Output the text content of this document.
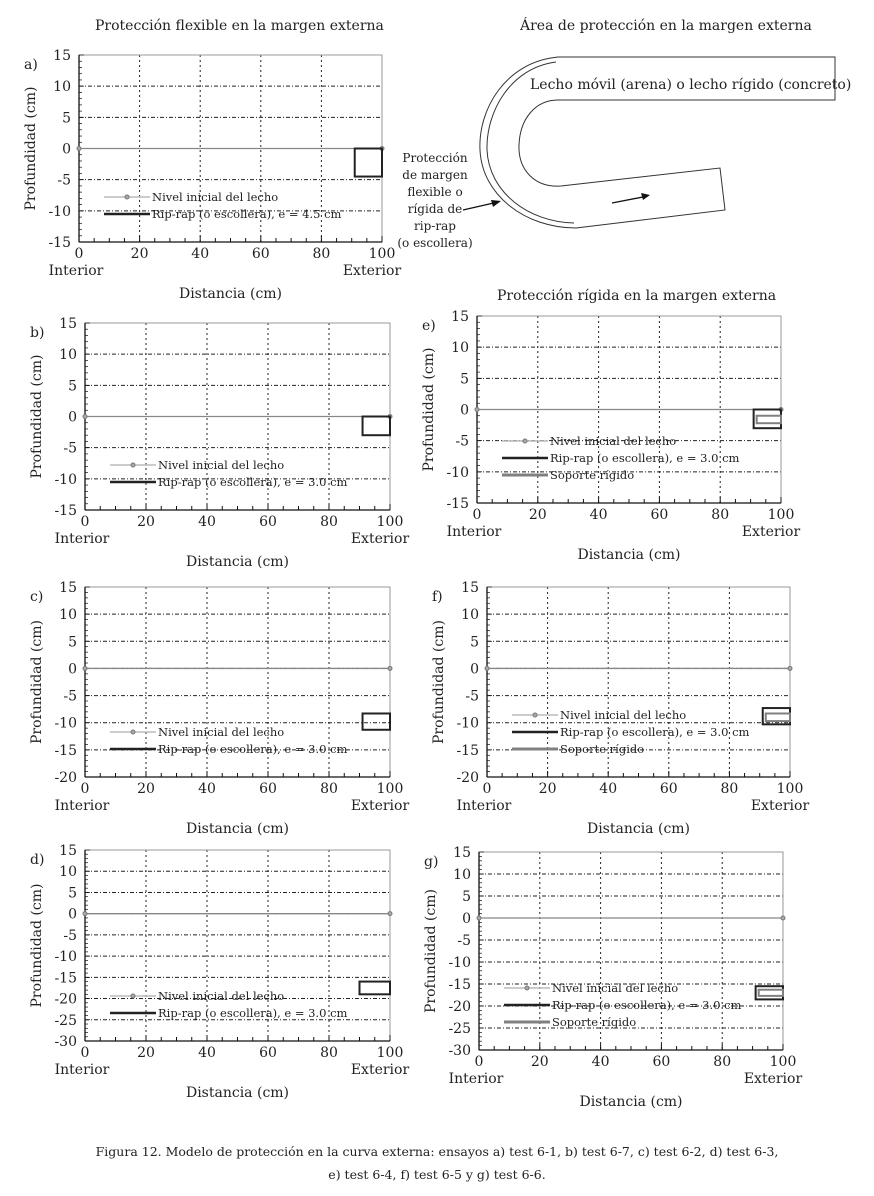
Protección flexible en la margen externa	Área de protección en la margen externa
Protección rígida en la margen externa
Lecho móvil (arena) o lecho rígido (concreto)
Protección
de margen
flexible o
rígida de
rip-rap
(o escollera)
0	20	40	60	80	100
15
10
5
0
-5
-10
-15
Interior	Exterior
Distancia (cm)
Profundidad (cm)
a)
Nivel inicial del lecho
Rip-rap (o escollera), e = 4.5 cm
0	20	40	60	80	100
15
10
5
0
-5
-10
-15
Interior	Exterior
Distancia (cm)
Profundidad (cm)
b)
Nivel inicial del lecho
Rip-rap (o escollera), e = 3.0 cm
0	20	40	60	80	100
15
10
5
0
-5
-10
-15
Interior	Exterior
Distancia (cm)
Profundidad (cm)
e)
Nivel inicial del lecho
Rip-rap (o escollera), e = 3.0 cm
Soporte rígido
0	20	40	60	80	100
15
10
5
0
-5
-10
-15
-20
Interior	Exterior
Distancia (cm)
Profundidad (cm)
c)
Nivel inicial del lecho
Rip-rap (o escollera), e = 3.0 cm
0	20	40	60	80	100
15
10
5
0
-5
-10
-15
-20
Interior	Exterior
Distancia (cm)
Profundidad (cm)
f)
Nivel inicial del lecho
Rip-rap (o escollera), e = 3.0 cm
Soporte rígido
0	20	40	60	80	100
15
10
5
0
-5
-10
-15
-20
-25
-30
Interior	Exterior
Distancia (cm)
Profundidad (cm)
d)
Nivel inicial del lecho
Rip-rap (o escollera), e = 3.0 cm
0	20	40	60	80	100
15
10
5
0
-5
-10
-15
-20
-25
-30
Interior	Exterior
Distancia (cm)
Profundidad (cm)
g)
Nivel inicial del lecho
Rip-rap (o escollera), e = 3.0 cm
Soporte rígido
Figura 12. Modelo de protección en la curva externa: ensayos a) test 6-1, b) test 6-7, c) test 6-2, d) test 6-3,
e) test 6-4, f) test 6-5 y g) test 6-6.
